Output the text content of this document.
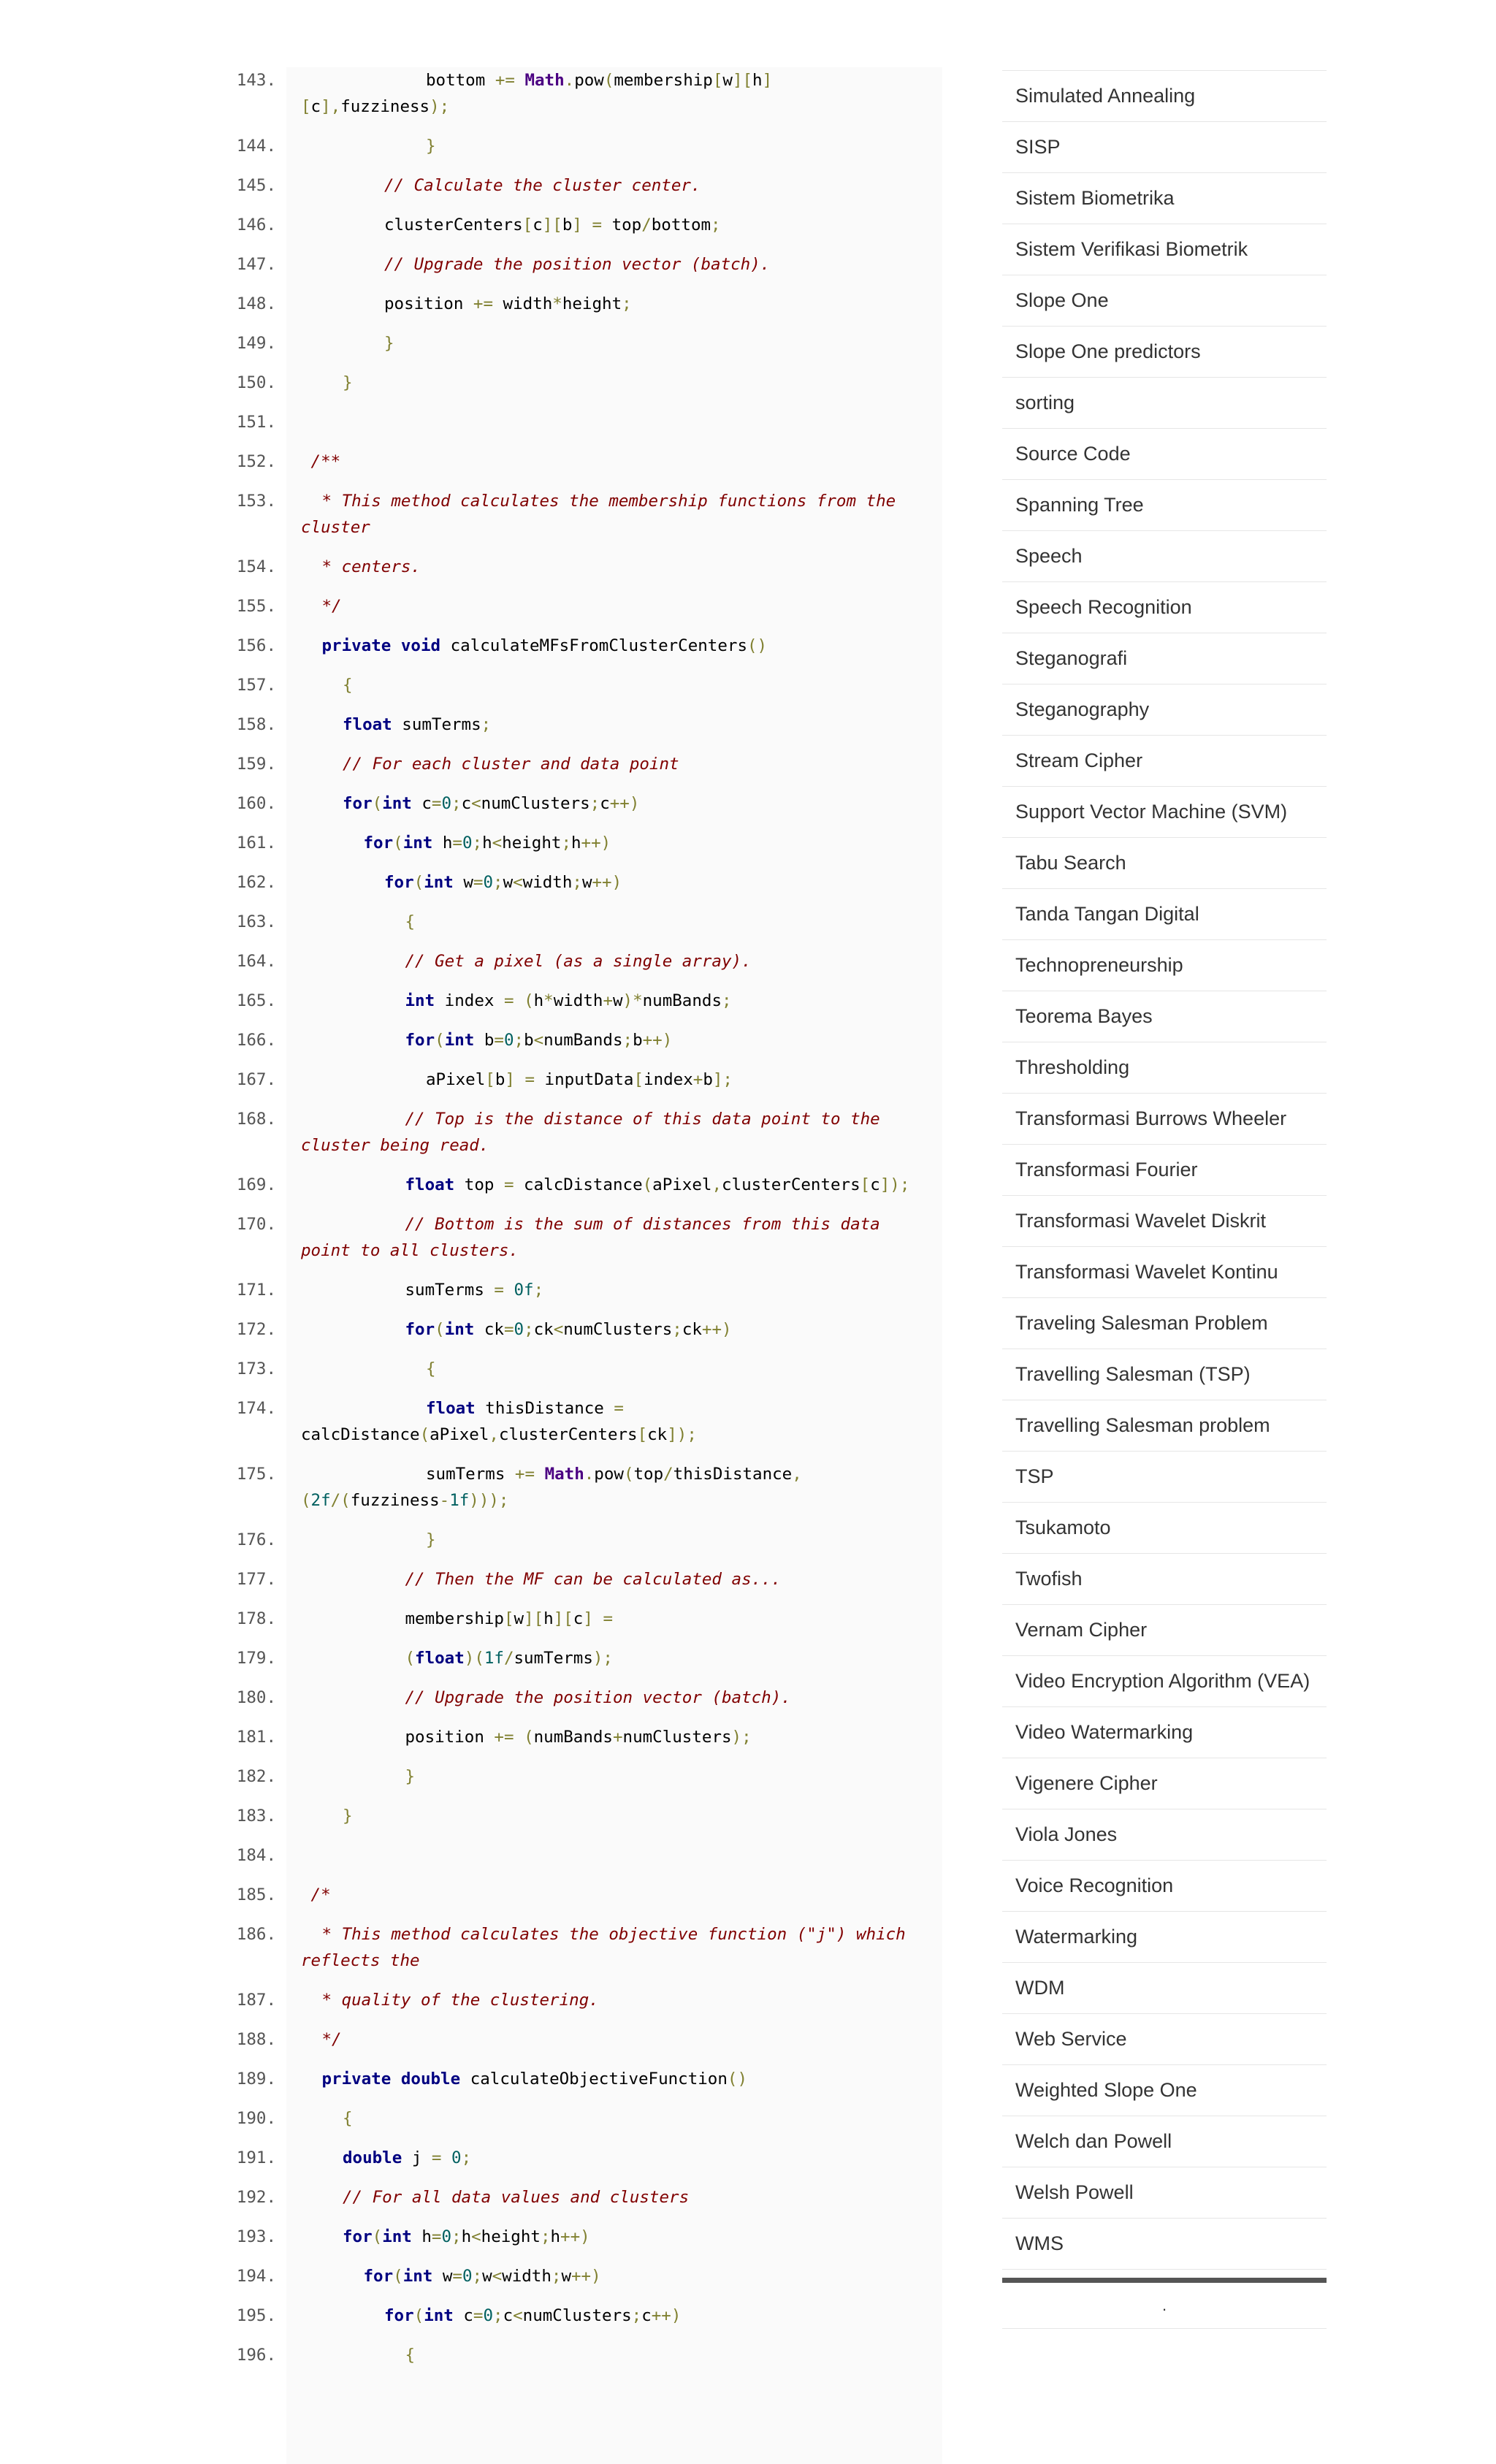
143.	bottom += Math.pow(membership[w][h]
[c],fuzziness);
144.	}
145.	// Calculate the cluster center.
146.	clusterCenters[c][b] = top/bottom;
147.	// Upgrade the position vector (batch).
148.	position += width*height;
149.	}
150.	}
151.
152.	/**
153.	* This method calculates the membership functions from the
cluster
154.	* centers.
155.	*/
156.	private void calculateMFsFromClusterCenters()
157.	{
158.	float sumTerms;
159.	// For each cluster and data point
160.	for(int c=0;c<numClusters;c++)
161.	for(int h=0;h<height;h++)
162.	for(int w=0;w<width;w++)
163.	{
164.	// Get a pixel (as a single array).
165.	int index = (h*width+w)*numBands;
166.	for(int b=0;b<numBands;b++)
167.	aPixel[b] = inputData[index+b];
168.	// Top is the distance of this data point to the
cluster being read.
169.	float top = calcDistance(aPixel,clusterCenters[c]);
170.	// Bottom is the sum of distances from this data
point to all clusters.
171.	sumTerms = 0f;
172.	for(int ck=0;ck<numClusters;ck++)
173.	{
174.	float thisDistance =
calcDistance(aPixel,clusterCenters[ck]);
175.	sumTerms += Math.pow(top/thisDistance,
(2f/(fuzziness-1f)));
176.	}
177.	// Then the MF can be calculated as...
178.	membership[w][h][c] =
179.	(float)(1f/sumTerms);
180.	// Upgrade the position vector (batch).
181.	position += (numBands+numClusters);
182.	}
183.	}
184.
185.	/*
186.	* This method calculates the objective function ("j") which
reflects the
187.	* quality of the clustering.
188.	*/
189.	private double calculateObjectiveFunction()
190.	{
191.	double j = 0;
192.	// For all data values and clusters
193.	for(int h=0;h<height;h++)
194.	for(int w=0;w<width;w++)
195.	for(int c=0;c<numClusters;c++)
196.	{
Simulated Annealing
SISP
Sistem Biometrika
Sistem Verifikasi Biometrik
Slope One
Slope One predictors
sorting
Source Code
Spanning Tree
Speech
Speech Recognition
Steganografi
Steganography
Stream Cipher
Support Vector Machine (SVM)
Tabu Search
Tanda Tangan Digital
Technopreneurship
Teorema Bayes
Thresholding
Transformasi Burrows Wheeler
Transformasi Fourier
Transformasi Wavelet Diskrit
Transformasi Wavelet Kontinu
Traveling Salesman Problem
Travelling Salesman (TSP)
Travelling Salesman problem
TSP
Tsukamoto
Twofish
Vernam Cipher
Video Encryption Algorithm (VEA)
Video Watermarking
Vigenere Cipher
Viola Jones
Voice Recognition
Watermarking
WDM
Web Service
Weighted Slope One
Welch dan Powell
Welsh Powell
WMS
.
